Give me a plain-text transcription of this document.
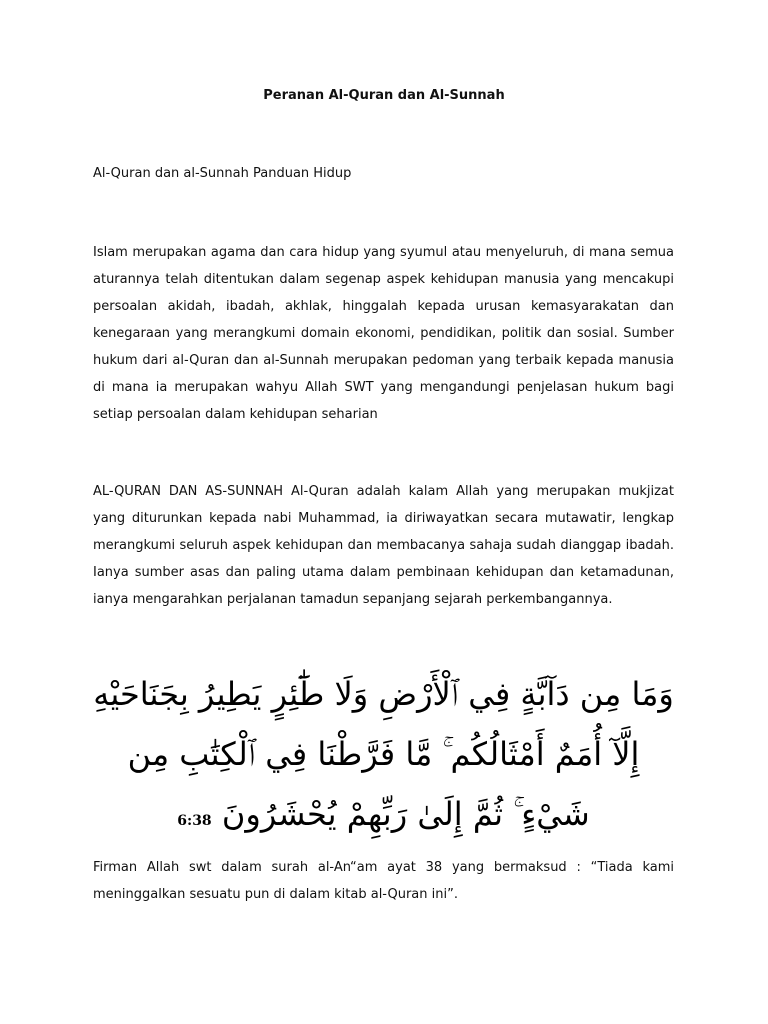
Peranan Al-Quran dan Al-Sunnah
Al-Quran dan al-Sunnah Panduan Hidup
Islam merupakan agama dan cara hidup yang syumul atau menyeluruh, di mana semua aturannya telah ditentukan dalam segenap aspek kehidupan manusia yang mencakupi persoalan akidah, ibadah, akhlak, hinggalah kepada urusan kemasyarakatan dan kenegaraan yang merangkumi domain ekonomi, pendidikan, politik dan sosial. Sumber hukum dari al-Quran dan al-Sunnah merupakan pedoman yang terbaik kepada manusia di mana ia merupakan wahyu Allah SWT yang mengandungi penjelasan hukum bagi setiap persoalan dalam kehidupan seharian
AL-QURAN DAN AS-SUNNAH Al-Quran adalah kalam Allah yang merupakan mukjizat yang diturunkan kepada nabi Muhammad, ia diriwayatkan secara mutawatir, lengkap merangkumi seluruh aspek kehidupan dan membacanya sahaja sudah dianggap ibadah. Ianya sumber asas dan paling utama dalam pembinaan kehidupan dan ketamadunan, ianya mengarahkan perjalanan tamadun sepanjang sejarah perkembangannya.
وَمَا مِن دَآبَّةٍ فِي ٱلْأَرْضِ وَلَا طَٰٓئِرٍ يَطِيرُ بِجَنَاحَيْهِ إِلَّآ أُمَمٌ أَمْثَالُكُم ۚ مَّا فَرَّطْنَا فِي ٱلْكِتَٰبِ مِن شَيْءٍ ۚ ثُمَّ إِلَىٰ رَبِّهِمْ يُحْشَرُونَ 6:38
Firman Allah swt dalam surah al-An“am ayat 38 yang bermaksud : “Tiada kami meninggalkan sesuatu pun di dalam kitab al-Quran ini”.
